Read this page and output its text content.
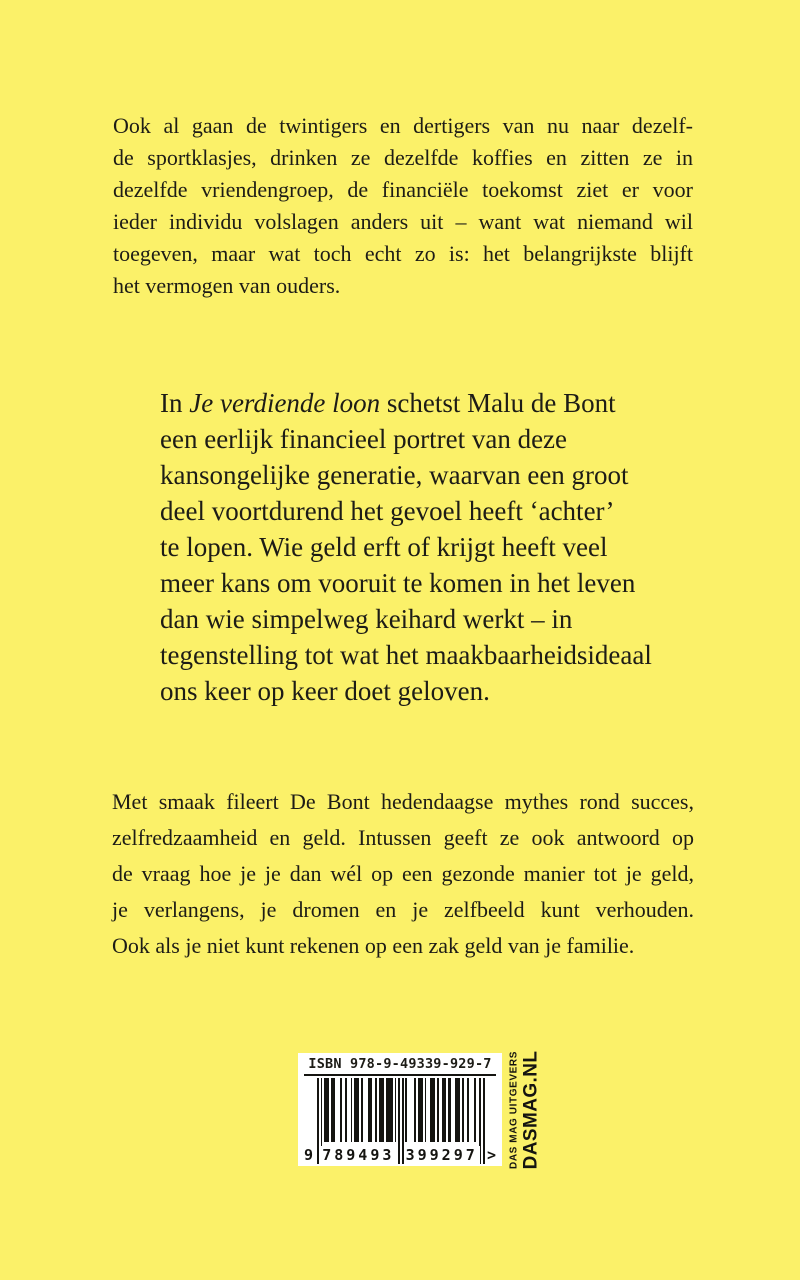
Ook al gaan de twintigers en dertigers van nu naar dezelf-
de sportklasjes, drinken ze dezelfde koffies en zitten ze in
dezelfde vriendengroep, de financiële toekomst ziet er voor
ieder individu volslagen anders uit – want wat niemand wil
toegeven, maar wat toch echt zo is: het belangrijkste blijft
het vermogen van ouders.
In Je verdiende loon schetst Malu de Bont
een eerlijk financieel portret van deze
kansongelijke generatie, waarvan een groot
deel voortdurend het gevoel heeft ‘achter’
te lopen. Wie geld erft of krijgt heeft veel
meer kans om vooruit te komen in het leven
dan wie simpelweg keihard werkt – in
tegenstelling tot wat het maakbaarheidsideaal
ons keer op keer doet geloven.
Met smaak fileert De Bont hedendaagse mythes rond succes,
zelfredzaamheid en geld. Intussen geeft ze ook antwoord op
de vraag hoe je je dan wél op een gezonde manier tot je geld,
je verlangens, je dromen en je zelfbeeld kunt verhouden.
Ook als je niet kunt rekenen op een zak geld van je familie.
ISBN 978-9-49339-929-7
9 789493 399297 > DAS MAG UITGEVERS DASMAG.NL
